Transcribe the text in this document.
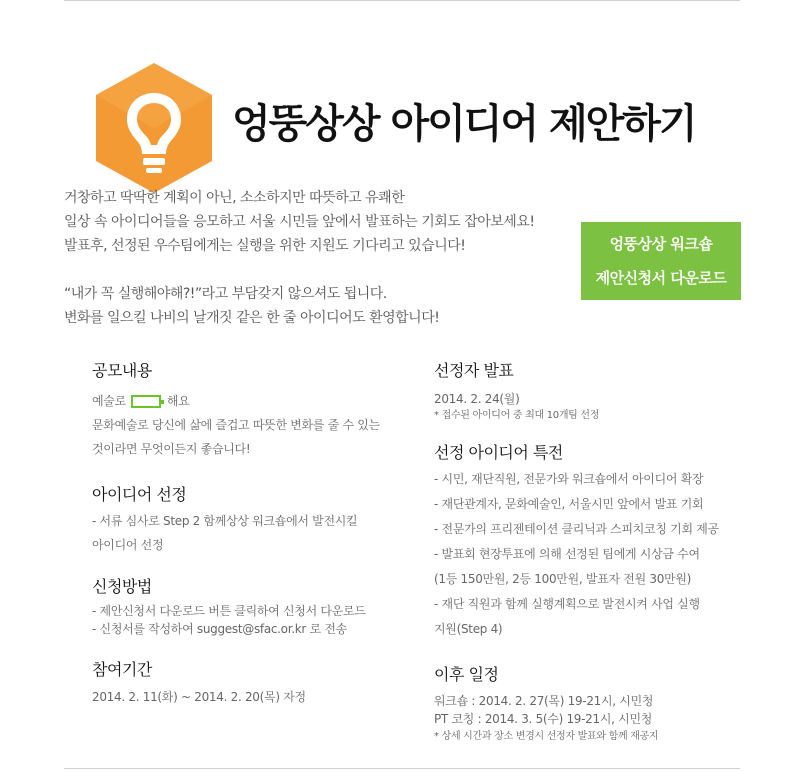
엉뚱상상 아이디어 제안하기

거창하고 딱딱한 계획이 아닌, 소소하지만 따뜻하고 유쾌한

일상 속 아이디어들을 응모하고 서울 시민들 앞에서 발표하는 기회도 잡아보세요!

발표후, 선정된 우수팀에게는 실행을 위한 지원도 기다리고 있습니다!

“내가 꼭 실행해야해?!”라고 부담갖지 않으셔도 됩니다.

변화를 일으킬 나비의 날개짓 같은 한 줄 아이디어도 환영합니다!

엉뚱상상 워크숍
제안신청서 다운로드
공모내용
예술로	해요
문화예술로 당신에 삶에 즐겁고 따뜻한 변화를 줄 수 있는
것이라면 무엇이든지 좋습니다!
아이디어 선정
- 서류 심사로 Step 2 함께상상 워크숍에서 발전시킬
아이디어 선정
신청방법
- 제안신청서 다운로드 버튼 클릭하여 신청서 다운로드
- 신청서를 작성하여 suggest@sfac.or.kr 로 전송
참여기간
2014. 2. 11(화) ~ 2014. 2. 20(목) 자정
선정자 발표
2014. 2. 24(월)
* 접수된 아이디어 중 최대 10개팀 선정
선정 아이디어 특전
- 시민, 재단직원, 전문가와 워크숍에서 아이디어 확장
- 재단관계자, 문화예술인, 서울시민 앞에서 발표 기회
- 전문가의 프리젠테이션 클리닉과 스피치코칭 기회 제공
- 발표회 현장투표에 의해 선정된 팀에게 시상금 수여
(1등 150만원, 2등 100만원, 발표자 전원 30만원)
- 재단 직원과 함께 실행계획으로 발전시켜 사업 실행
지원(Step 4)
이후 일정
워크숍 : 2014. 2. 27(목) 19-21시, 시민청
PT 코칭 : 2014. 3. 5(수) 19-21시, 시민청
* 상세 시간과 장소 변경시 선정자 발표와 함께 재공지
